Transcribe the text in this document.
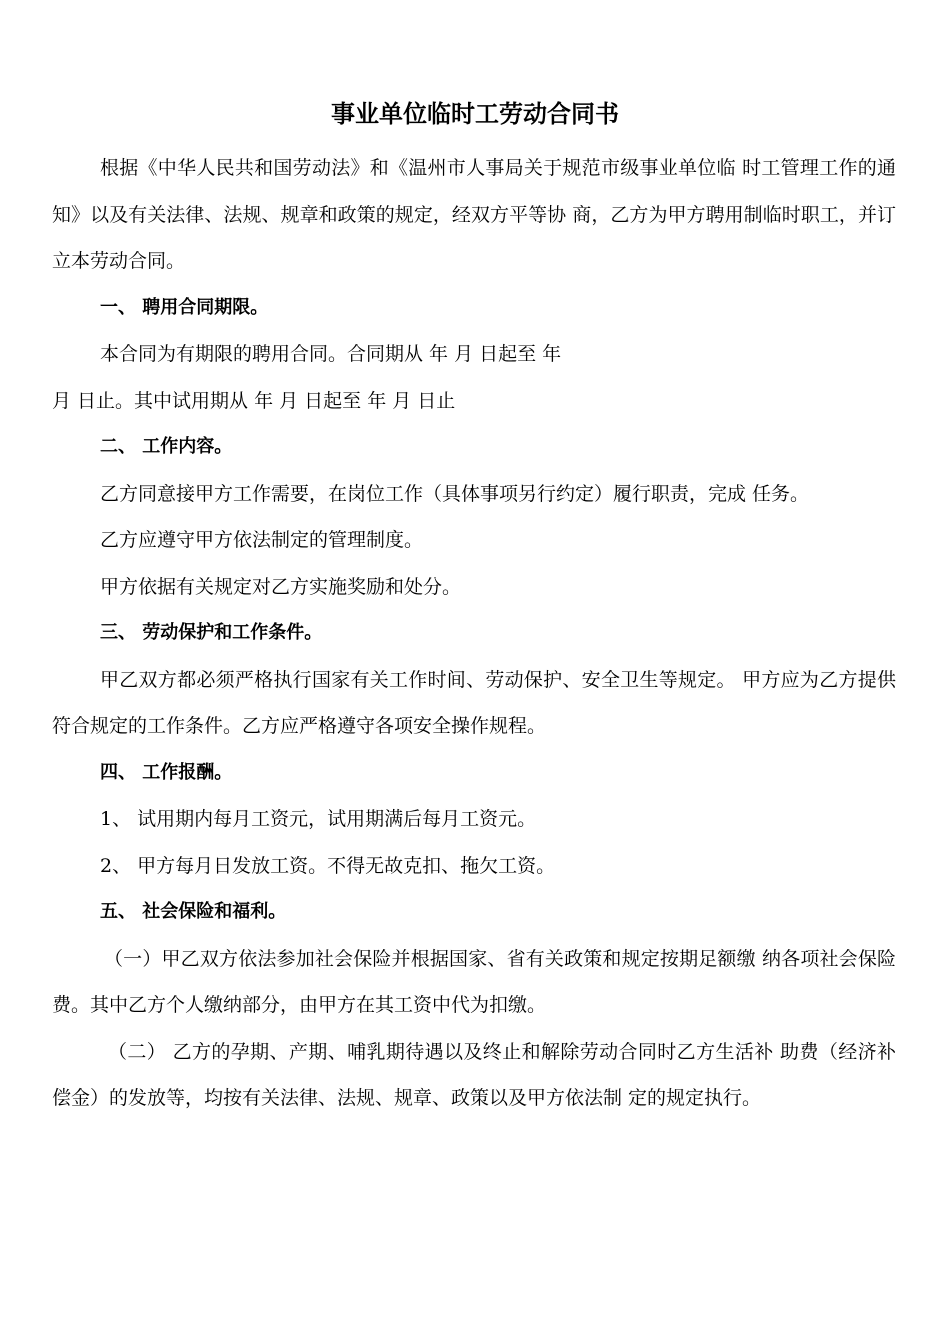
事业单位临时工劳动合同书

根据《中华人民共和国劳动法》和《温州市人事局关于规范市级事业单位临 时工管理工作的通知》以及有关法律、法规、规章和政策的规定，经双方平等协 商，乙方为甲方聘用制临时职工，并订立本劳动合同。

一、 聘用合同期限。

本合同为有期限的聘用合同。合同期从 年 月 日起至 年

月 日止。其中试用期从 年 月 日起至 年 月 日止

二、 工作内容。

乙方同意接甲方工作需要，在岗位工作（具体事项另行约定）履行职责，完成 任务。

乙方应遵守甲方依法制定的管理制度。

甲方依据有关规定对乙方实施奖励和处分。

三、 劳动保护和工作条件。

甲乙双方都必须严格执行国家有关工作时间、劳动保护、安全卫生等规定。 甲方应为乙方提供符合规定的工作条件。乙方应严格遵守各项安全操作规程。

四、 工作报酬。

1、 试用期内每月工资元，试用期满后每月工资元。

2、 甲方每月日发放工资。不得无故克扣、拖欠工资。

五、 社会保险和福利。

（一）甲乙双方依法参加社会保险并根据国家、省有关政策和规定按期足额缴 纳各项社会保险费。其中乙方个人缴纳部分，由甲方在其工资中代为扣缴。

（二） 乙方的孕期、产期、哺乳期待遇以及终止和解除劳动合同时乙方生活补 助费（经济补偿金）的发放等，均按有关法律、法规、规章、政策以及甲方依法制 定的规定执行。
